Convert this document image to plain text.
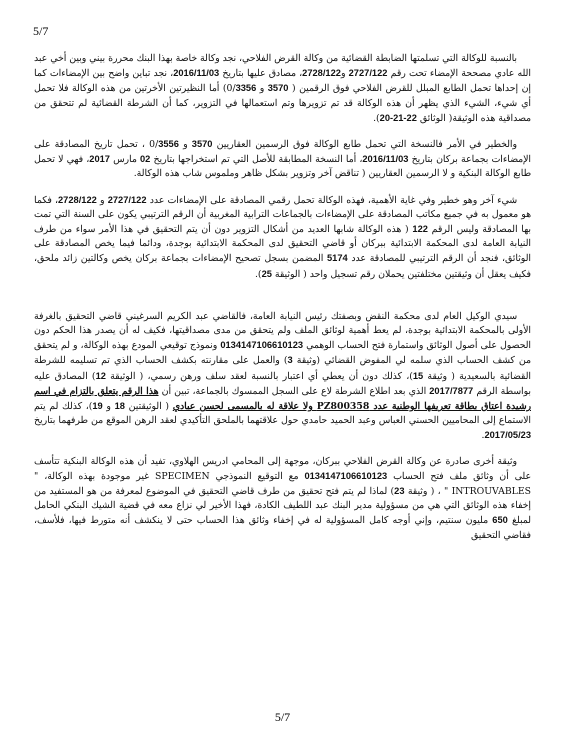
5/7

بالنسبة للوكالة التي تسلمتها الضابطة القضائية من وكالة القرض الفلاحي، نجد وكالة خاصة بهذا البنك محررة بيني وبين أخي عبد الله عادي مصححة الإمضاء تحت رقم 2727/122 و2728/122، مصادق عليها بتاريخ 2016/11/03، نجد تباين واضح بين الإمضاءات كما إن إحداها تحمل الطابع المبلل للقرض الفلاحي فوق الرقمين ( 3570 و 3356/0) أما النظيرتين الأخرتين من هذه الوكالة فلا تحمل أي شيء، الشيء الذي يظهر أن هذه الوكالة قد تم تزويرها وتم استعمالها في التزوير، كما أن الشرطة القضائية لم تتحقق من مصداقية هذه الوثيقة( الوثائق 20-21-22).

والخطير في الأمر فالنسخة التي تحمل طابع الوكالة فوق الرسمين العقاريين 3570 و 3556/0 ، تحمل تاريخ المصادقة على الإمضاءات بجماعة بركان بتاريخ 2016/11/03، أما النسخة المطابقة للأصل التي تم استخراجها بتاريخ 02 مارس 2017، فهي لا تحمل طابع الوكالة البنكية و لا الرسمين العقاريين ( تناقض آخر وتزوير بشكل ظاهر وملموس شاب هذه الوكالة.

شيء آخر وهو خطير وفي غاية الأهمية، فهذه الوكالة تحمل رقمي المصادقة على الإمضاءات عدد 2727/122 و 2728/122، فكما هو معمول به في جميع مكاتب المصادقة على الإمضاءات بالجماعات الترابية المغربية أن الرقم الترتيبي يكون على السنة التي تمت بها المصادقة وليس الرقم 122 ( هذه الوكالة شابها العديد من أشكال التزوير دون أن يتم التحقيق في هذا الأمر سواء من طرف النيابة العامة لدى المحكمة الابتدائية ببركان أو قاضي التحقيق لدى المحكمة الابتدائية بوجدة، ودائما فيما يخص المصادقة على الوثائق، فنجد أن الرقم الترتيبي للمصادقة عدد 5174 المضمن بسجل تصحيح الإمضاءات بجماعة بركان يخص وكالتين زائد ملحق، فكيف يعقل أن وثيقتين مختلفتين يحملان رقم تسجيل واحد ( الوثيقة 25).

سيدي الوكيل العام لدى محكمة النقض وبصفتك رئيس النيابة العامة، فالقاضي عبد الكريم السرغيني قاضي التحقيق بالغرفة الأولى بالمحكمة الابتدائية بوجدة، لم يعط أهمية لوثائق الملف ولم يتحقق من مدى مصداقيتها، فكيف له أن يصدر هذا الحكم دون الحصول على أصول الوثائق واستمارة فتح الحساب الوهمي 0134147106610123 ونموذج توقيعي المودع بهذه الوكالة، و لم يتحقق من كشف الحساب الذي سلمه لي المفوض القضائي (وثيقة 3) والعمل على مقارنته بكشف الحساب الذي تم تسليمه للشرطة القضائية بالسعيدية ( وثيقة 15)، كذلك دون أن يعطي أي اعتبار بالنسبة لعقد سلف ورهن رسمي، ( الوثيقة 12) المصادق عليه بواسطة الرقم 2017/7877 الذي بعد اطلاع الشرطة لاع على السجل الممسوك بالجماعة، تبين أن هذا الرقم يتعلق بالتزام في اسم رشيدة اعتاق بطاقة تعريفها الوطنية عدد PZ800358 ولا علاقة له بالمسمى لحسن عبادي ( الوثيقتين 18 و 19)، كذلك لم يتم الاستماع إلى المحاميين الحسني العباس وعبد الحميد حامدي حول علاقتهما بالملحق التأكيدي لعقد الرهن الموقع من طرفهما بتاريخ 2017/05/23.

وثيقة أخرى صادرة عن وكالة القرض الفلاحي ببركان، موجهة إلى المحامي ادريس الهلاوي، تفيد أن هذه الوكالة البنكية تتأسف على أن وثائق ملف فتح الحساب 0134147106610123 مع التوقيع النموذجي SPECIMEN غير موجودة بهذه الوكالة، " INTROUVABLES " ، ( وثيقة 23) لماذا لم يتم فتح تحقيق من طرف قاضي التحقيق في الموضوع لمعرفة من هو المستفيد من إخفاء هذه الوثائق التي هي من مسؤولية مدير البنك عبد اللطيف الكادة، فهذا الأخير لي نزاع معه في قضية الشيك البنكي الحامل لمبلغ 650 مليون سنتيم، وإني أوجه كامل المسؤولية له في إخفاء وثائق هذا الحساب حتى لا ينكشف أنه متورط فيها، فلأسف، فقاضي التحقيق

5/7
